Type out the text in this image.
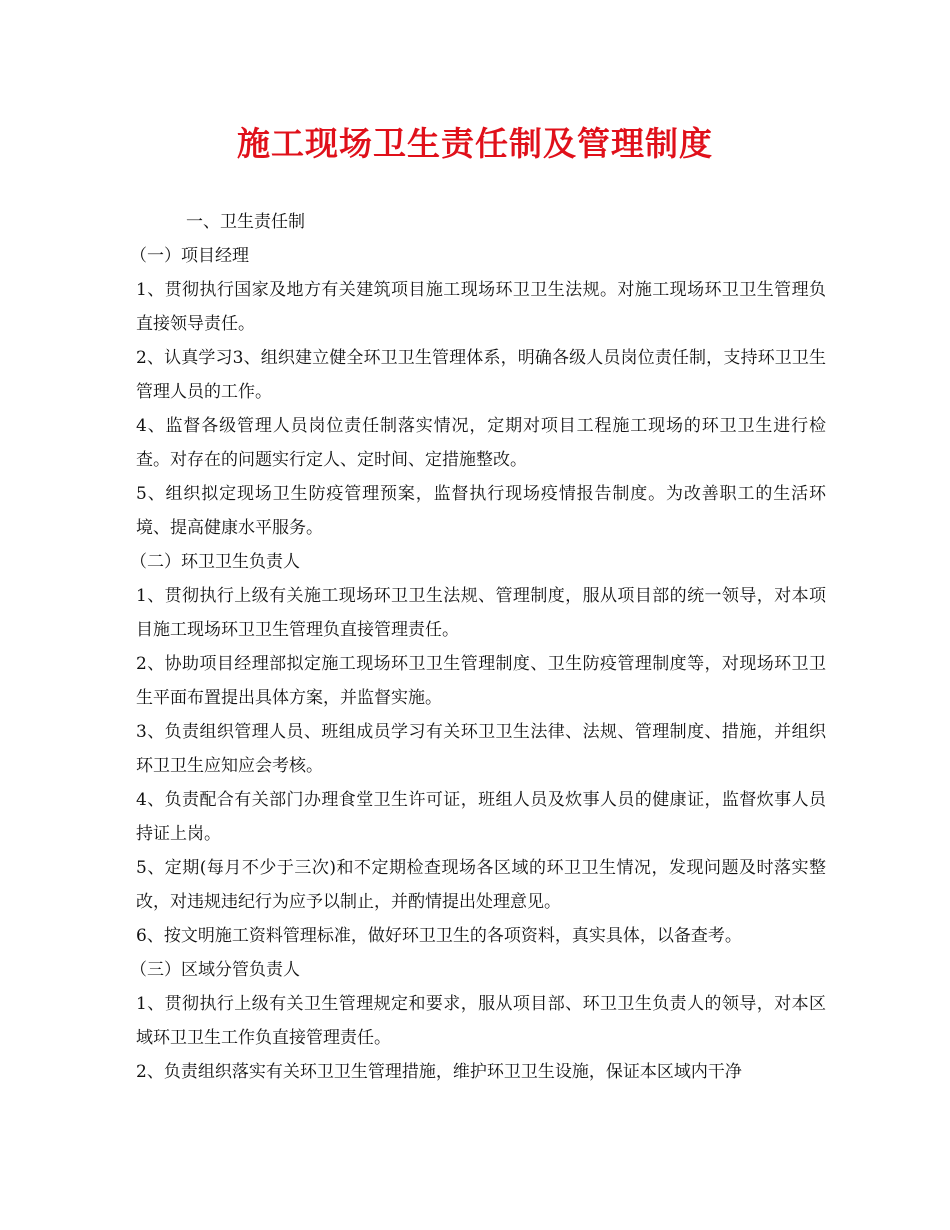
施工现场卫生责任制及管理制度
一、卫生责任制
（一）项目经理
1、贯彻执行国家及地方有关建筑项目施工现场环卫卫生法规。对施工现场环卫卫生管理负直接领导责任。
2、认真学习3、组织建立健全环卫卫生管理体系，明确各级人员岗位责任制，支持环卫卫生管理人员的工作。
4、监督各级管理人员岗位责任制落实情况，定期对项目工程施工现场的环卫卫生进行检查。对存在的问题实行定人、定时间、定措施整改。
5、组织拟定现场卫生防疫管理预案，监督执行现场疫情报告制度。为改善职工的生活环境、提高健康水平服务。
（二）环卫卫生负责人
1、贯彻执行上级有关施工现场环卫卫生法规、管理制度，服从项目部的统一领导，对本项目施工现场环卫卫生管理负直接管理责任。
2、协助项目经理部拟定施工现场环卫卫生管理制度、卫生防疫管理制度等，对现场环卫卫生平面布置提出具体方案，并监督实施。
3、负责组织管理人员、班组成员学习有关环卫卫生法律、法规、管理制度、措施，并组织环卫卫生应知应会考核。
4、负责配合有关部门办理食堂卫生许可证，班组人员及炊事人员的健康证，监督炊事人员持证上岗。
5、定期(每月不少于三次)和不定期检查现场各区域的环卫卫生情况，发现问题及时落实整改，对违规违纪行为应予以制止，并酌情提出处理意见。
6、按文明施工资料管理标准，做好环卫卫生的各项资料，真实具体，以备查考。
（三）区域分管负责人
1、贯彻执行上级有关卫生管理规定和要求，服从项目部、环卫卫生负责人的领导，对本区域环卫卫生工作负直接管理责任。
2、负责组织落实有关环卫卫生管理措施，维护环卫卫生设施，保证本区域内干净
